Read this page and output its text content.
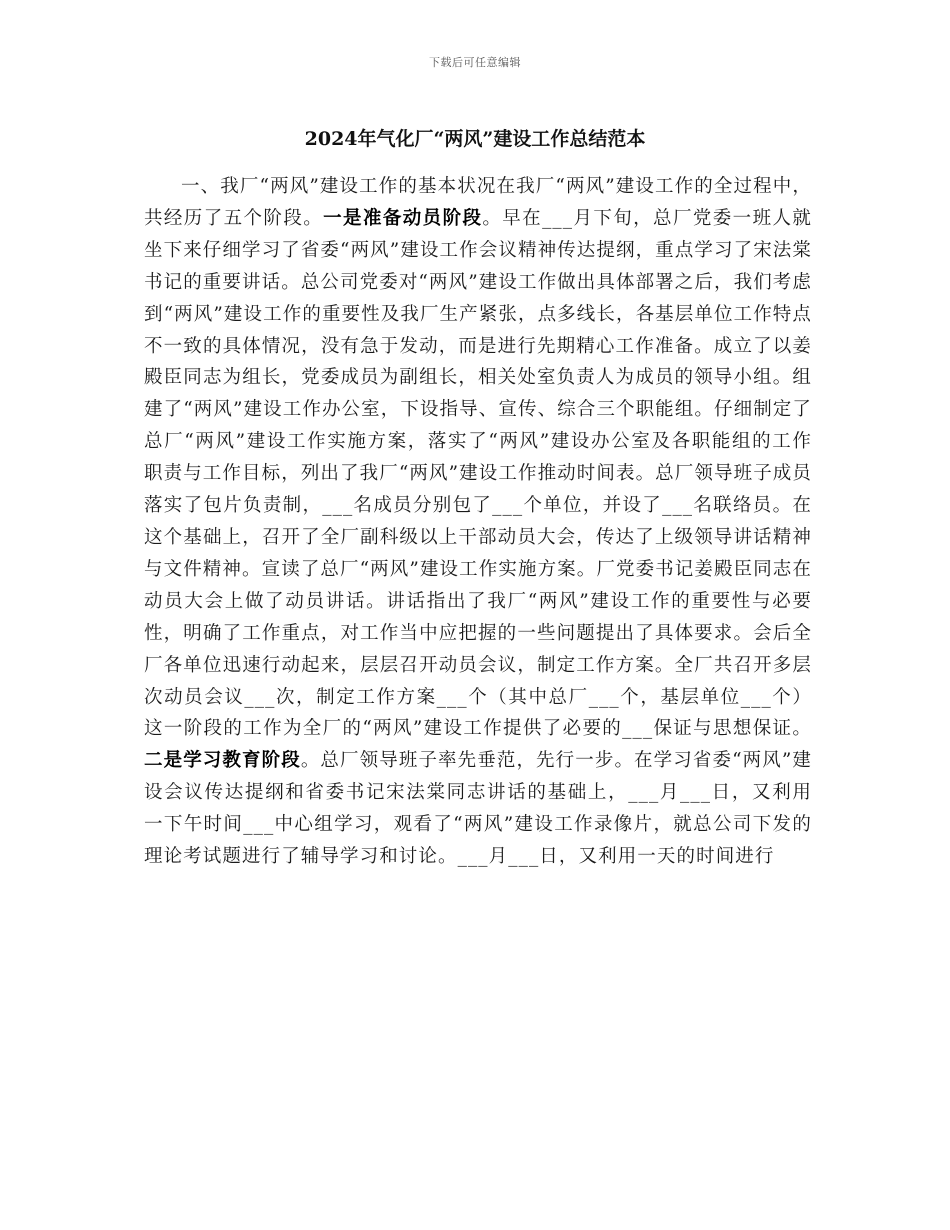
下载后可任意编辑
2024年气化厂“两风”建设工作总结范本

一、我厂“两风”建设工作的基本状况在我厂“两风”建设工作的全过程中，共经历了五个阶段。一是准备动员阶段。早在___月下旬，总厂党委一班人就坐下来仔细学习了省委“两风”建设工作会议精神传达提纲，重点学习了宋法棠书记的重要讲话。总公司党委对“两风”建设工作做出具体部署之后，我们考虑到“两风”建设工作的重要性及我厂生产紧张，点多线长，各基层单位工作特点不一致的具体情况，没有急于发动，而是进行先期精心工作准备。成立了以姜殿臣同志为组长，党委成员为副组长，相关处室负责人为成员的领导小组。组建了“两风”建设工作办公室，下设指导、宣传、综合三个职能组。仔细制定了总厂“两风”建设工作实施方案，落实了“两风”建设办公室及各职能组的工作职责与工作目标，列出了我厂“两风”建设工作推动时间表。总厂领导班子成员落实了包片负责制，___名成员分别包了___个单位，并设了___名联络员。在这个基础上，召开了全厂副科级以上干部动员大会，传达了上级领导讲话精神与文件精神。宣读了总厂“两风”建设工作实施方案。厂党委书记姜殿臣同志在动员大会上做了动员讲话。讲话指出了我厂“两风”建设工作的重要性与必要性，明确了工作重点，对工作当中应把握的一些问题提出了具体要求。会后全厂各单位迅速行动起来，层层召开动员会议，制定工作方案。全厂共召开多层次动员会议___次，制定工作方案___个（其中总厂___个，基层单位___个）这一阶段的工作为全厂的“两风”建设工作提供了必要的___保证与思想保证。二是学习教育阶段。总厂领导班子率先垂范，先行一步。在学习省委“两风”建设会议传达提纲和省委书记宋法棠同志讲话的基础上，___月___日，又利用一下午时间___中心组学习，观看了“两风”建设工作录像片，就总公司下发的理论考试题进行了辅导学习和讨论。___月___日，又利用一天的时间进行
